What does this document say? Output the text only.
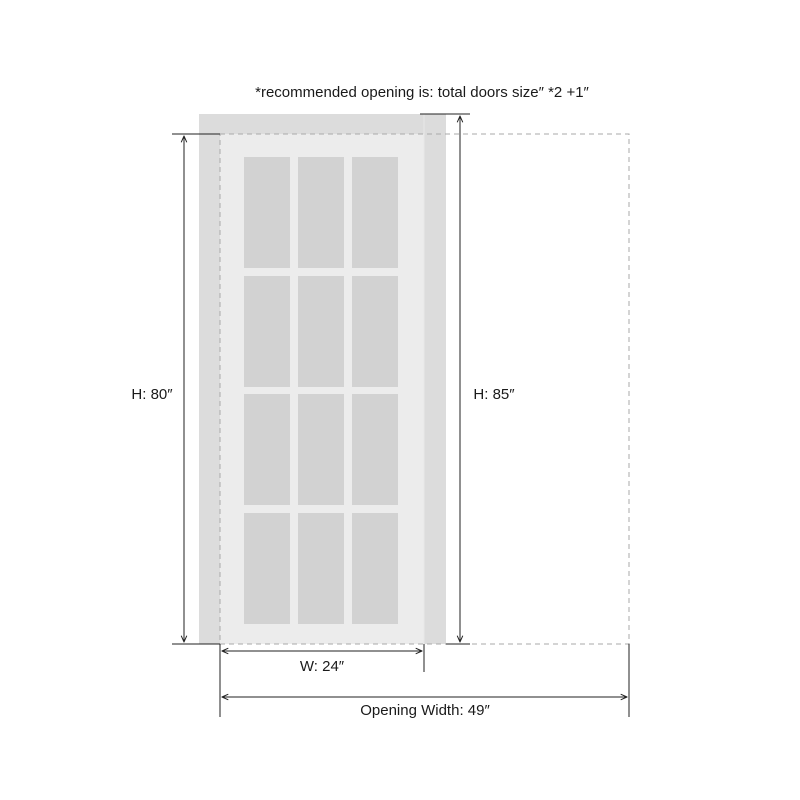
*recommended opening is: total doors size″ *2 +1″
H: 80″	H: 85″
W: 24″
Opening Width: 49″
